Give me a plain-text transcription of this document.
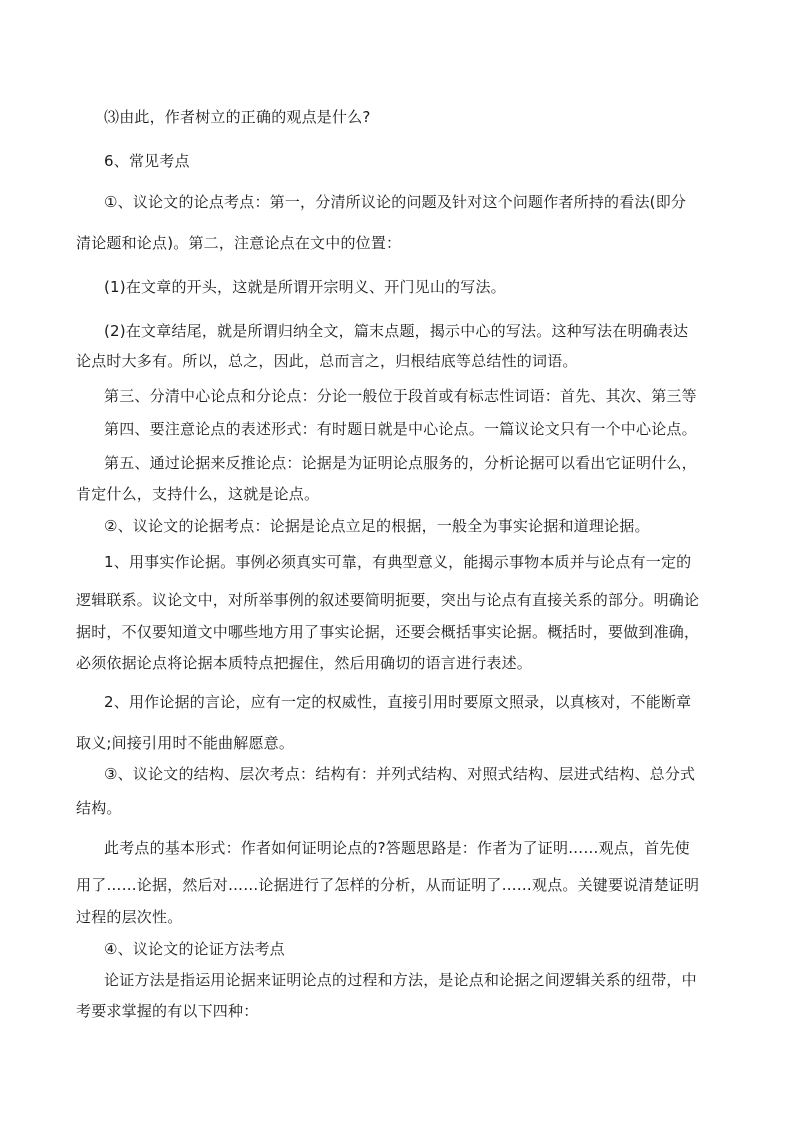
⑶由此，作者树立的正确的观点是什么?
6、常见考点
①、议论文的论点考点：第一，分清所议论的问题及针对这个问题作者所持的看法(即分
清论题和论点)。第二，注意论点在文中的位置：
(1)在文章的开头，这就是所谓开宗明义、开门见山的写法。
(2)在文章结尾，就是所谓归纳全文，篇末点题，揭示中心的写法。这种写法在明确表达
论点时大多有。所以，总之，因此，总而言之，归根结底等总结性的词语。
第三、分清中心论点和分论点：分论一般位于段首或有标志性词语：首先、其次、第三等
第四、要注意论点的表述形式：有时题日就是中心论点。一篇议论文只有一个中心论点。
第五、通过论据来反推论点：论据是为证明论点服务的，分析论据可以看出它证明什么，
肯定什么，支持什么，这就是论点。
②、议论文的论据考点：论据是论点立足的根据，一般全为事实论据和道理论据。
1、用事实作论据。事例必须真实可靠，有典型意义，能揭示事物本质并与论点有一定的
逻辑联系。议论文中，对所举事例的叙述要简明扼要，突出与论点有直接关系的部分。明确论
据时，不仅要知道文中哪些地方用了事实论据，还要会概括事实论据。概括时，要做到准确，
必须依据论点将论据本质特点把握住，然后用确切的语言进行表述。
2、用作论据的言论，应有一定的权威性，直接引用时要原文照录，以真核对，不能断章
取义;间接引用时不能曲解愿意。
③、议论文的结构、层次考点：结构有：并列式结构、对照式结构、层进式结构、总分式
结构。
此考点的基本形式：作者如何证明论点的?答题思路是：作者为了证明……观点，首先使
用了……论据，然后对……论据进行了怎样的分析，从而证明了……观点。关键要说清楚证明
过程的层次性。
④、议论文的论证方法考点
论证方法是指运用论据来证明论点的过程和方法，是论点和论据之间逻辑关系的纽带，中
考要求掌握的有以下四种：
